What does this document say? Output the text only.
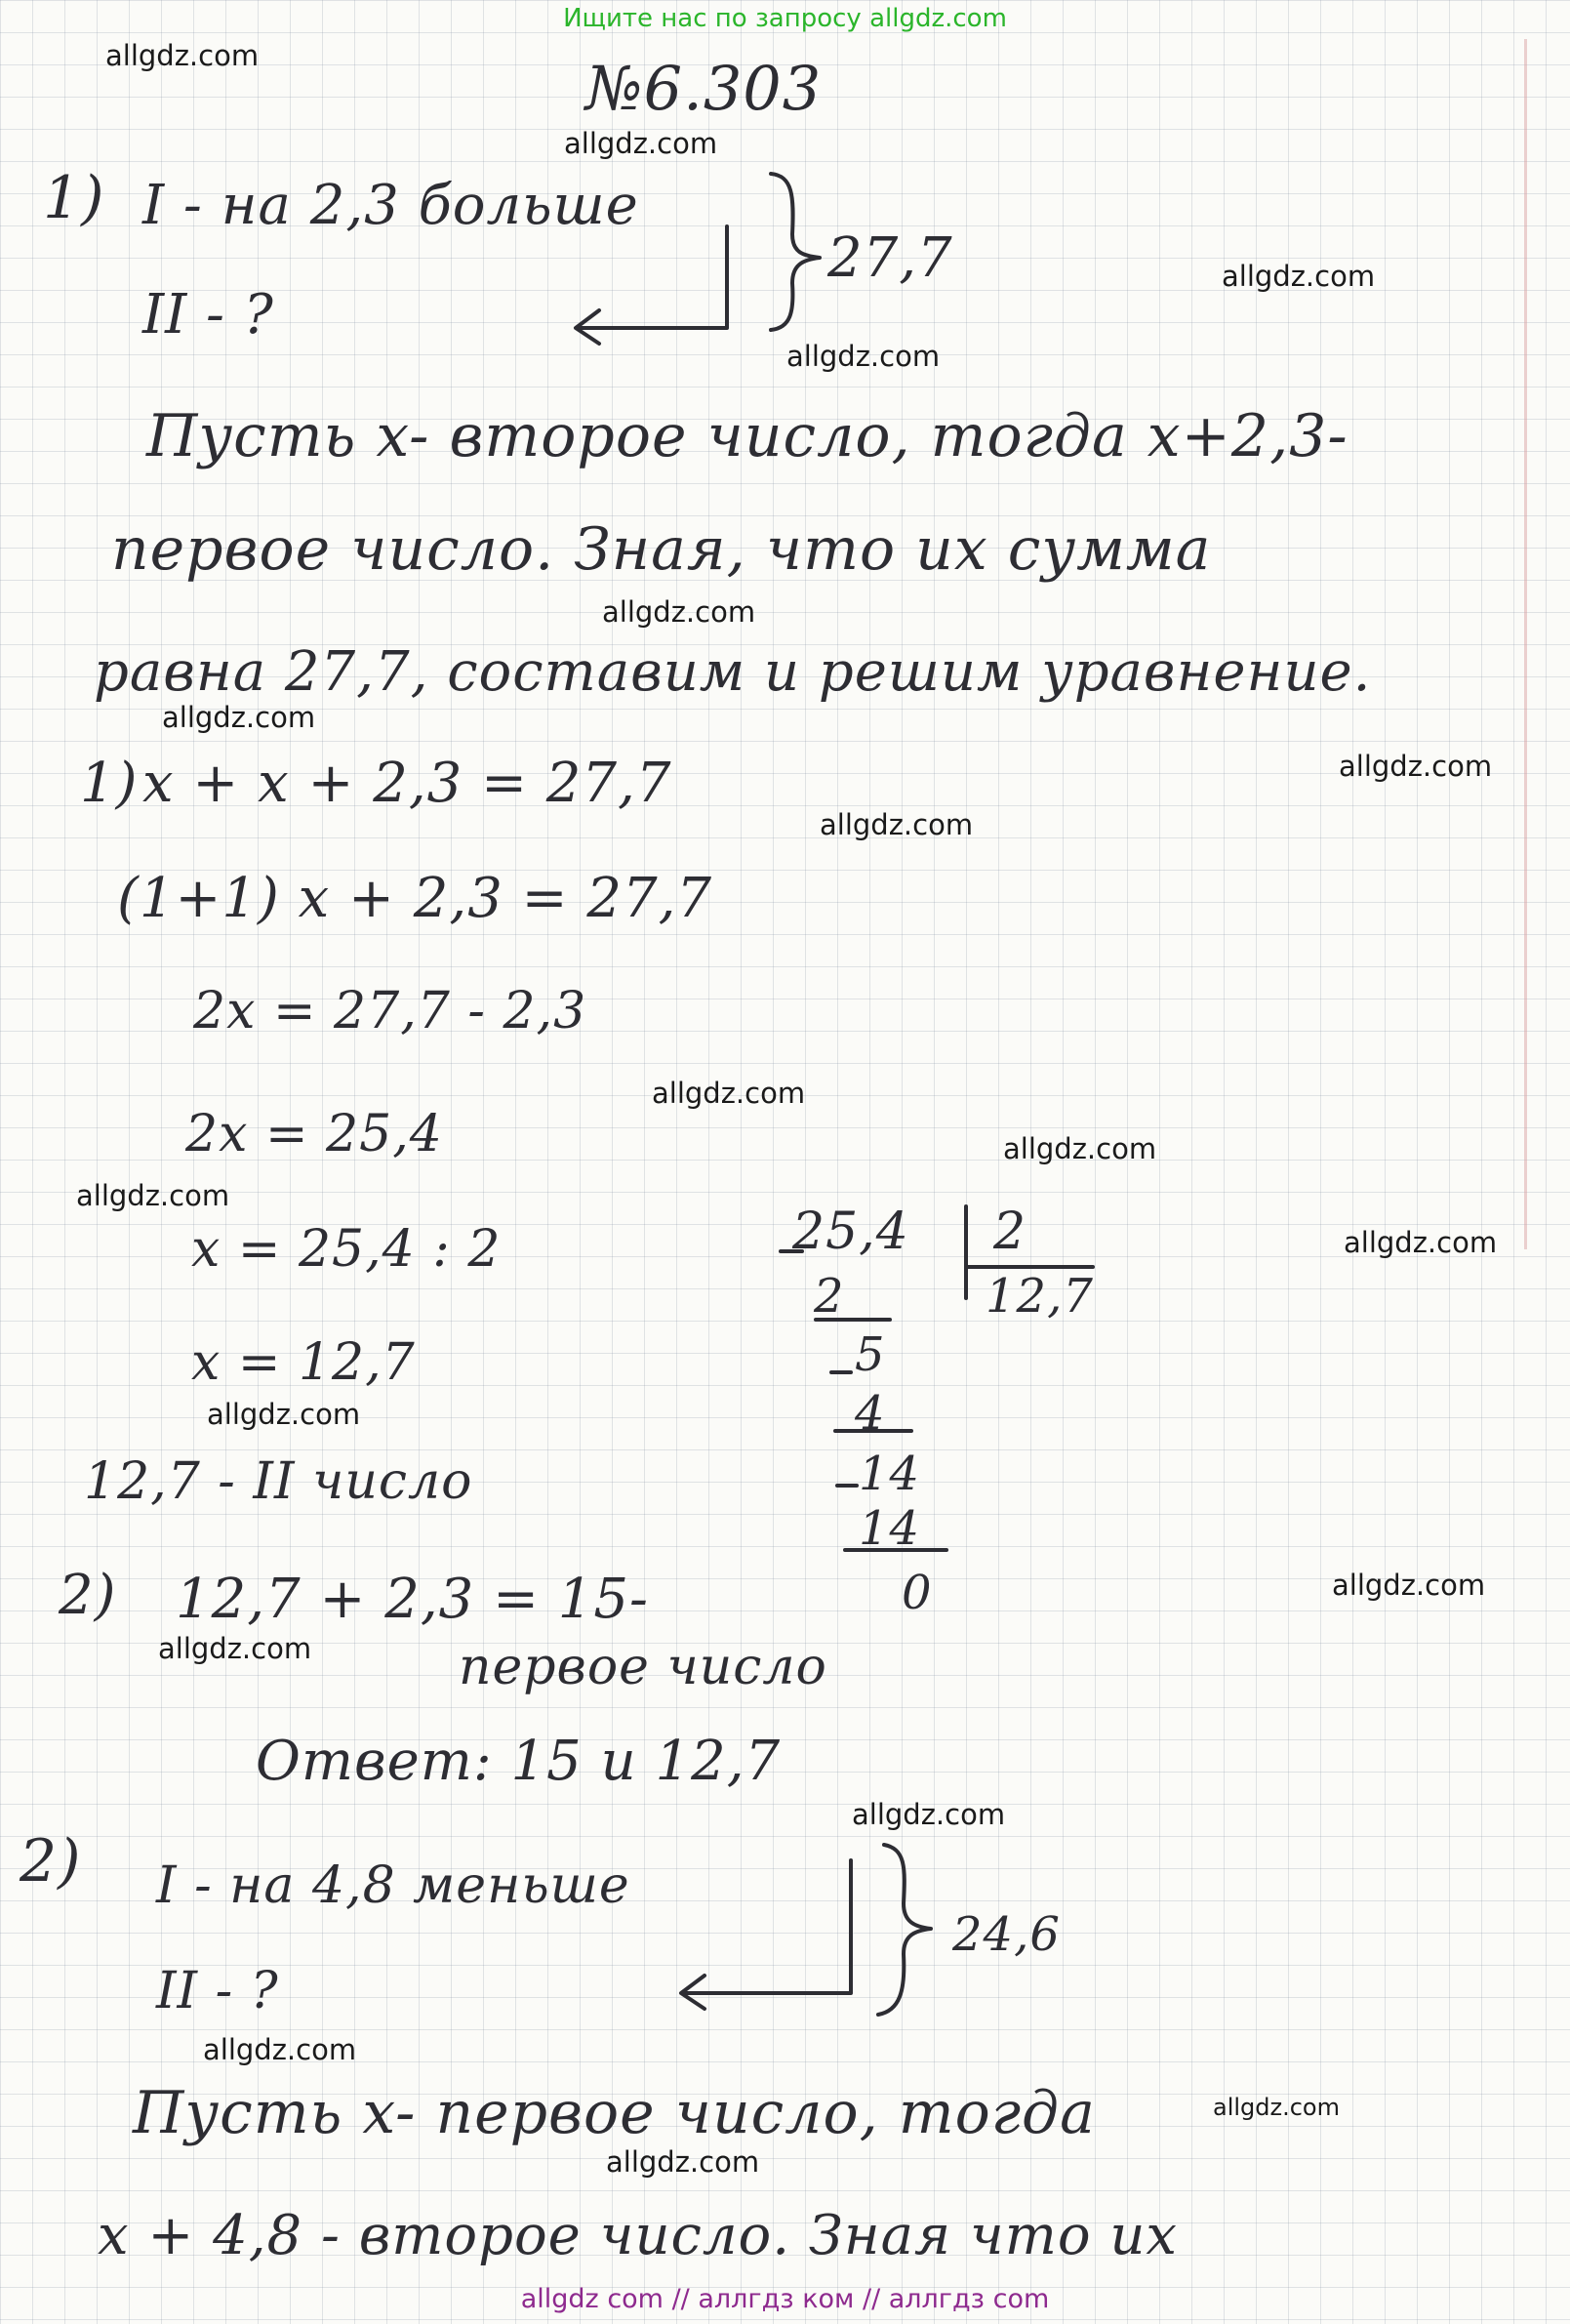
Ищите нас по запросу allgdz.com
allgdz.com
allgdz.com
allgdz.com
allgdz.com
allgdz.com
allgdz.com
allgdz.com
allgdz.com
allgdz.com
allgdz.com
allgdz.com
allgdz.com
allgdz.com
allgdz.com
allgdz.com
allgdz.com
allgdz.com
allgdz.com
allgdz.com
№6.303
1) I - на 2,3 больше
II - ?
27,7
Пусть x- второе число, тогда x+2,3-
первое число. Зная, что их сумма
равна 27,7, составим и решим уравнение.
1) x + x + 2,3 = 27,7
(1+1) x + 2,3 = 27,7
2x = 27,7 - 2,3
2x = 25,4
x = 25,4 : 2
x = 12,7
12,7 - II число
2) 12,7 + 2,3 = 15-
первое число
Ответ: 15 и 12,7
25,4 2
12,7
2
5
4
14
14
0
2) I - на 4,8 меньше
II - ?
24,6
Пусть x- первое число, тогда
x + 4,8 - второе число. Зная что их
allgdz com // аллгдз ком // аллгдз com
